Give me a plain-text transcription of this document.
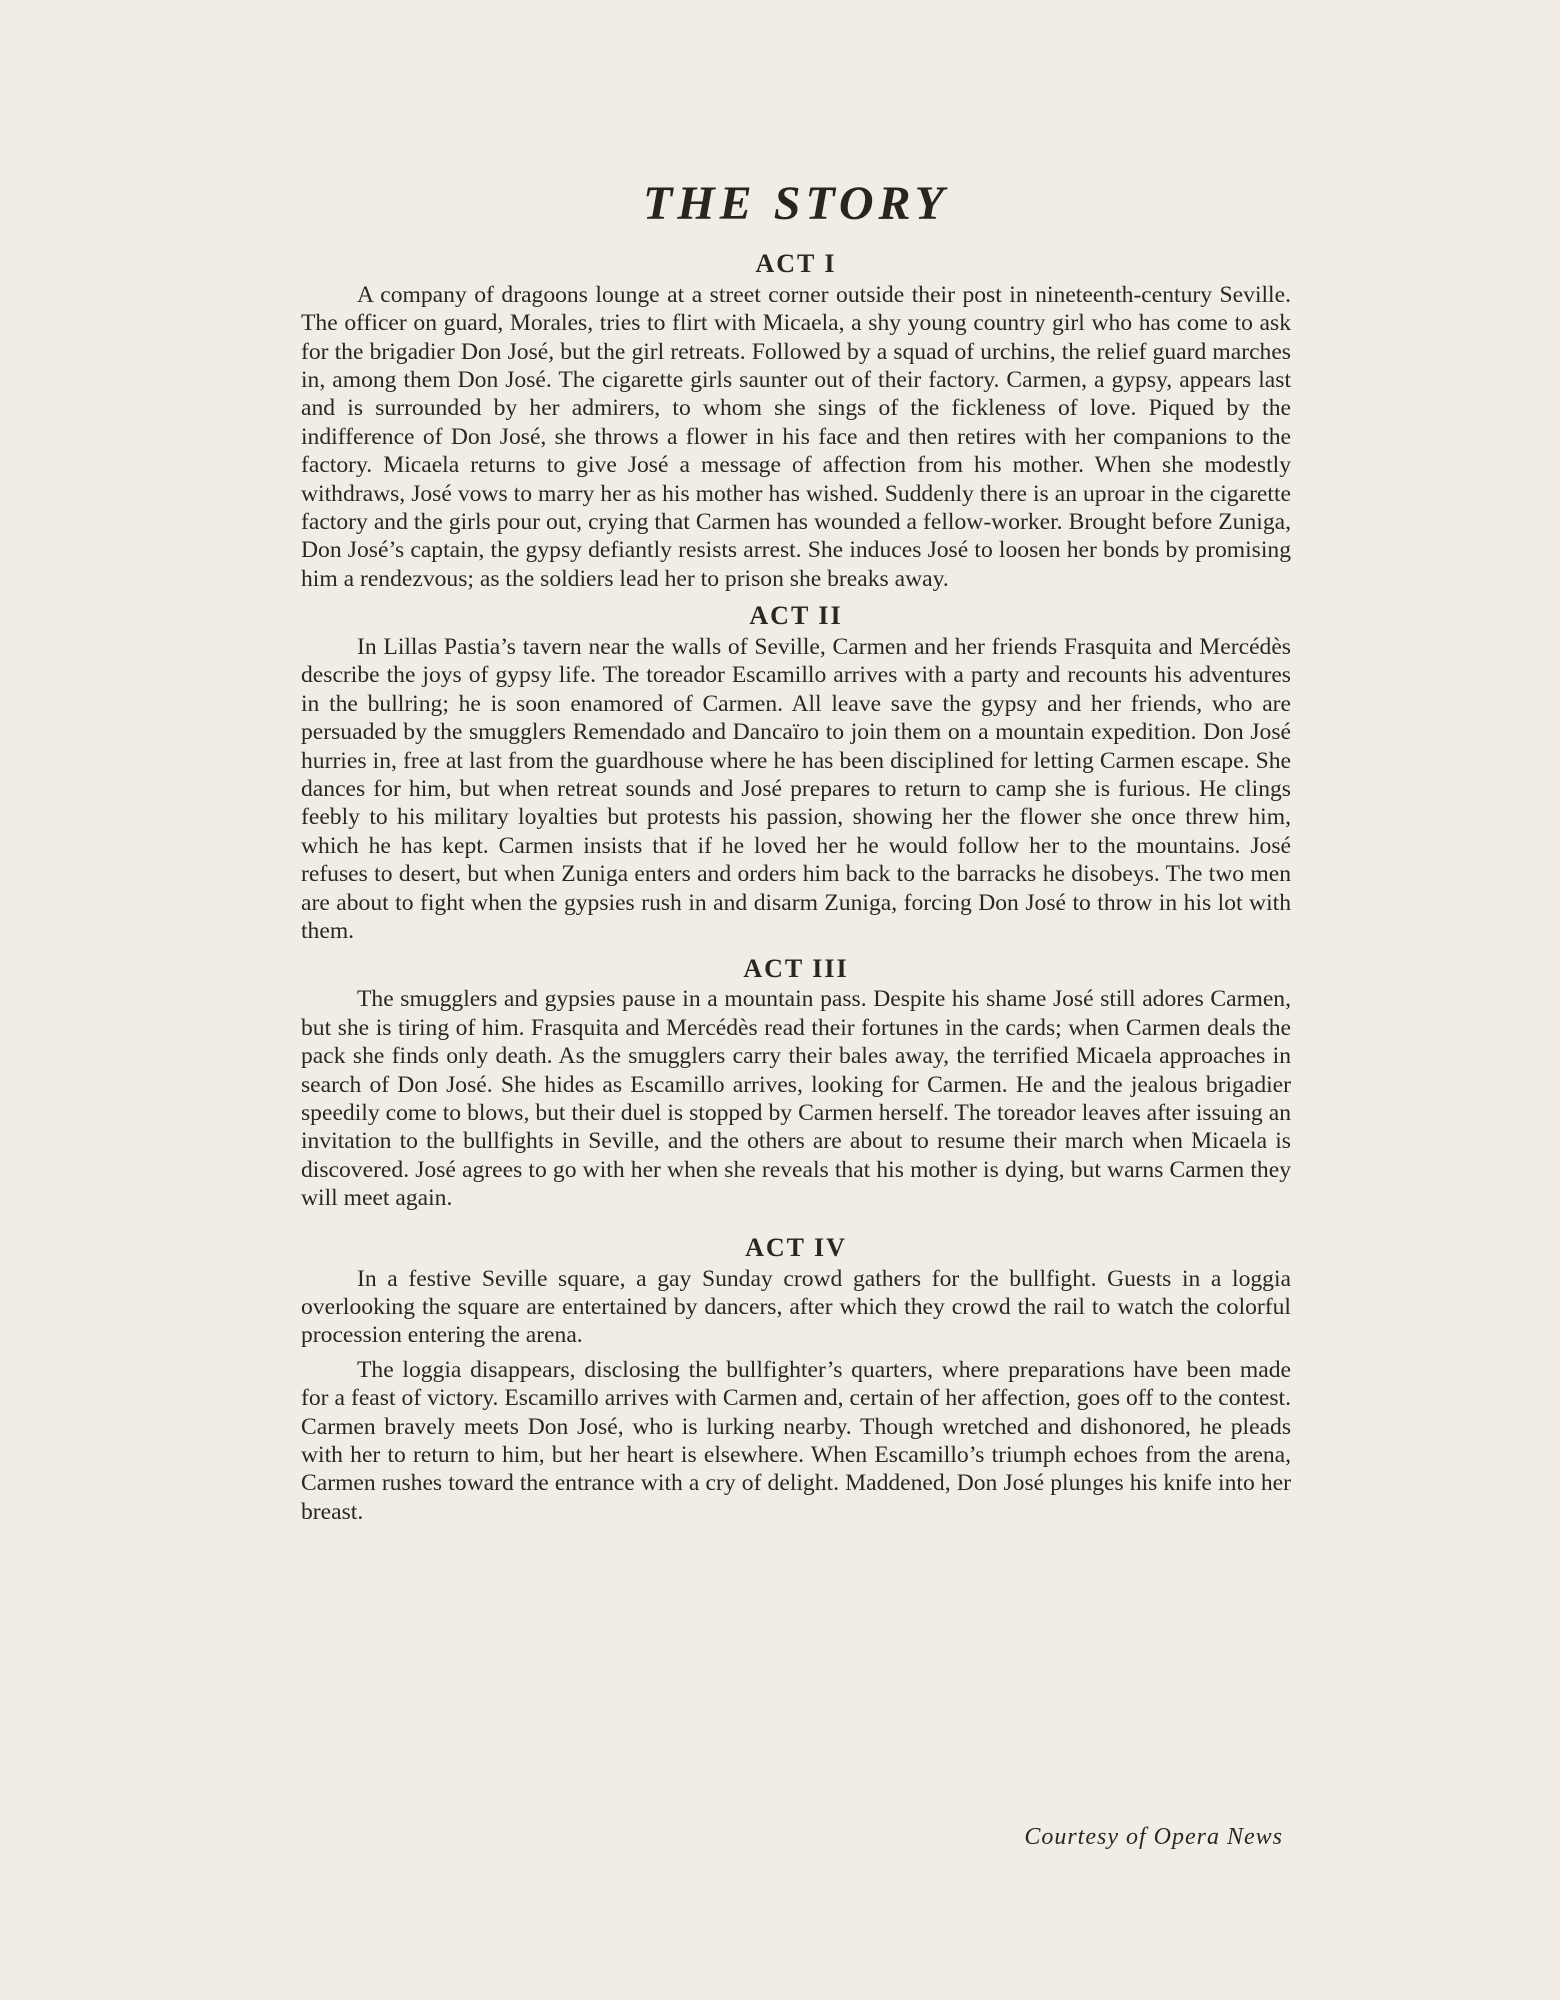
THE STORY
ACT I

A company of dragoons lounge at a street corner outside their post in nineteenth-century Seville. The officer on guard, Morales, tries to flirt with Micaela, a shy young country girl who has come to ask for the brigadier Don José, but the girl retreats. Followed by a squad of urchins, the relief guard marches in, among them Don José. The cigarette girls saunter out of their factory. Carmen, a gypsy, appears last and is surrounded by her admirers, to whom she sings of the fickleness of love. Piqued by the indifference of Don José, she throws a flower in his face and then retires with her companions to the factory. Micaela returns to give José a message of affection from his mother. When she modestly withdraws, José vows to marry her as his mother has wished. Suddenly there is an uproar in the cigarette factory and the girls pour out, crying that Carmen has wounded a fellow-worker. Brought before Zuniga, Don José’s captain, the gypsy defiantly resists arrest. She induces José to loosen her bonds by promising him a rendezvous; as the soldiers lead her to prison she breaks away.

ACT II

In Lillas Pastia’s tavern near the walls of Seville, Carmen and her friends Frasquita and Mercédès describe the joys of gypsy life. The toreador Escamillo arrives with a party and recounts his adventures in the bullring; he is soon enamored of Carmen. All leave save the gypsy and her friends, who are persuaded by the smugglers Remendado and Dancaïro to join them on a mountain expedition. Don José hurries in, free at last from the guardhouse where he has been disciplined for letting Carmen escape. She dances for him, but when retreat sounds and José prepares to return to camp she is furious. He clings feebly to his military loyalties but protests his passion, showing her the flower she once threw him, which he has kept. Carmen insists that if he loved her he would follow her to the mountains. José refuses to desert, but when Zuniga enters and orders him back to the barracks he disobeys. The two men are about to fight when the gypsies rush in and disarm Zuniga, forcing Don José to throw in his lot with them.

ACT III

The smugglers and gypsies pause in a mountain pass. Despite his shame José still adores Carmen, but she is tiring of him. Frasquita and Mercédès read their fortunes in the cards; when Carmen deals the pack she finds only death. As the smugglers carry their bales away, the terrified Micaela approaches in search of Don José. She hides as Escamillo arrives, looking for Carmen. He and the jealous brigadier speedily come to blows, but their duel is stopped by Carmen herself. The toreador leaves after issuing an invitation to the bullfights in Seville, and the others are about to resume their march when Micaela is discovered. José agrees to go with her when she reveals that his mother is dying, but warns Carmen they will meet again.

ACT IV

In a festive Seville square, a gay Sunday crowd gathers for the bullfight. Guests in a loggia overlooking the square are entertained by dancers, after which they crowd the rail to watch the colorful procession entering the arena.

The loggia disappears, disclosing the bullfighter’s quarters, where preparations have been made for a feast of victory. Escamillo arrives with Carmen and, certain of her affection, goes off to the contest. Carmen bravely meets Don José, who is lurking nearby. Though wretched and dishonored, he pleads with her to return to him, but her heart is elsewhere. When Escamillo’s triumph echoes from the arena, Carmen rushes toward the entrance with a cry of delight. Maddened, Don José plunges his knife into her breast.

Courtesy of Opera News
